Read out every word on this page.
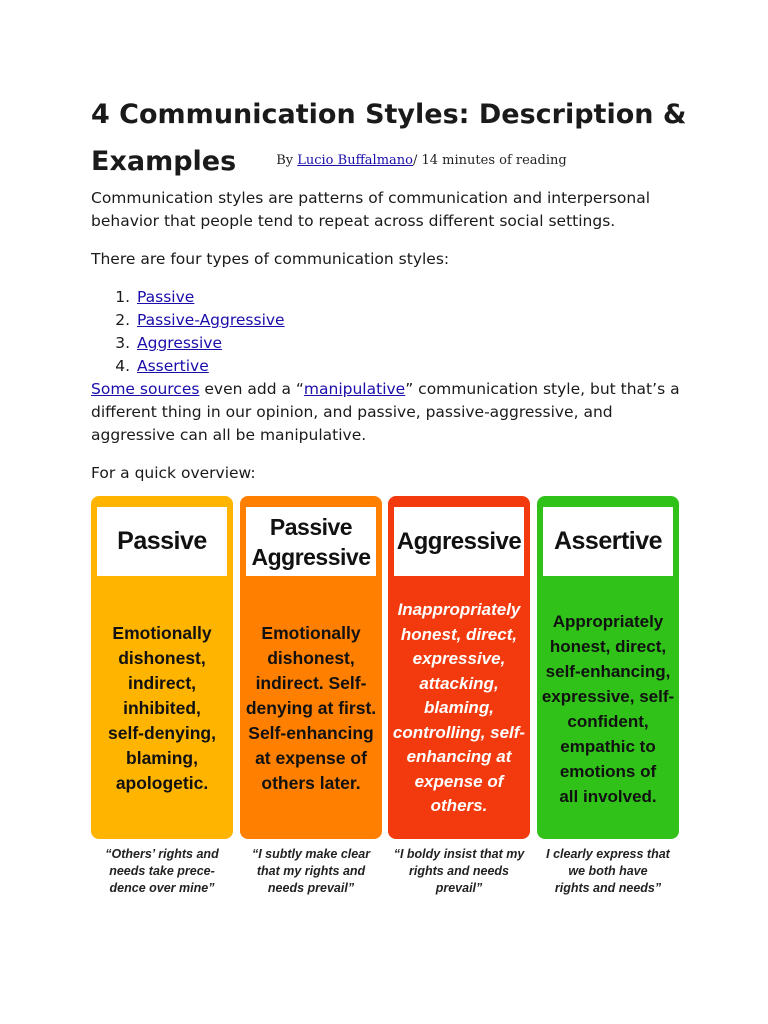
4 Communication Styles: Description &
Examples	$^{By Lucio Buffalmano/ 14 minutes of reading}$

Communication styles are patterns of communication and interpersonal behavior that people tend to repeat across different social settings.

There are four types of communication styles:

1. Passive
2. Passive-Aggressive
3. Aggressive
4. Assertive

Some sources even add a “manipulative” communication style, but that’s a different thing in our opinion, and passive, passive-aggressive, and aggressive can all be manipulative.

For a quick overview:

Passive
Emotionally
dishonest,
indirect,
inhibited,
self-denying,
blaming,
apologetic.
“Others’ rights and
needs take prece-
dence over mine”
Passive
Aggressive
Emotionally
dishonest,
indirect. Self-
denying at first.
Self-enhancing
at expense of
others later.
“I subtly make clear
that my rights and
needs prevail”
Aggressive
Inappropriately
honest, direct,
expressive,
attacking,
blaming,
controlling, self-
enhancing at
expense of
others.
“I boldy insist that my
rights and needs
prevail”
Assertive
Appropriately
honest, direct,
self-enhancing,
expressive, self-
confident,
empathic to
emotions of
all involved.
I clearly express that
we both have
rights and needs”
